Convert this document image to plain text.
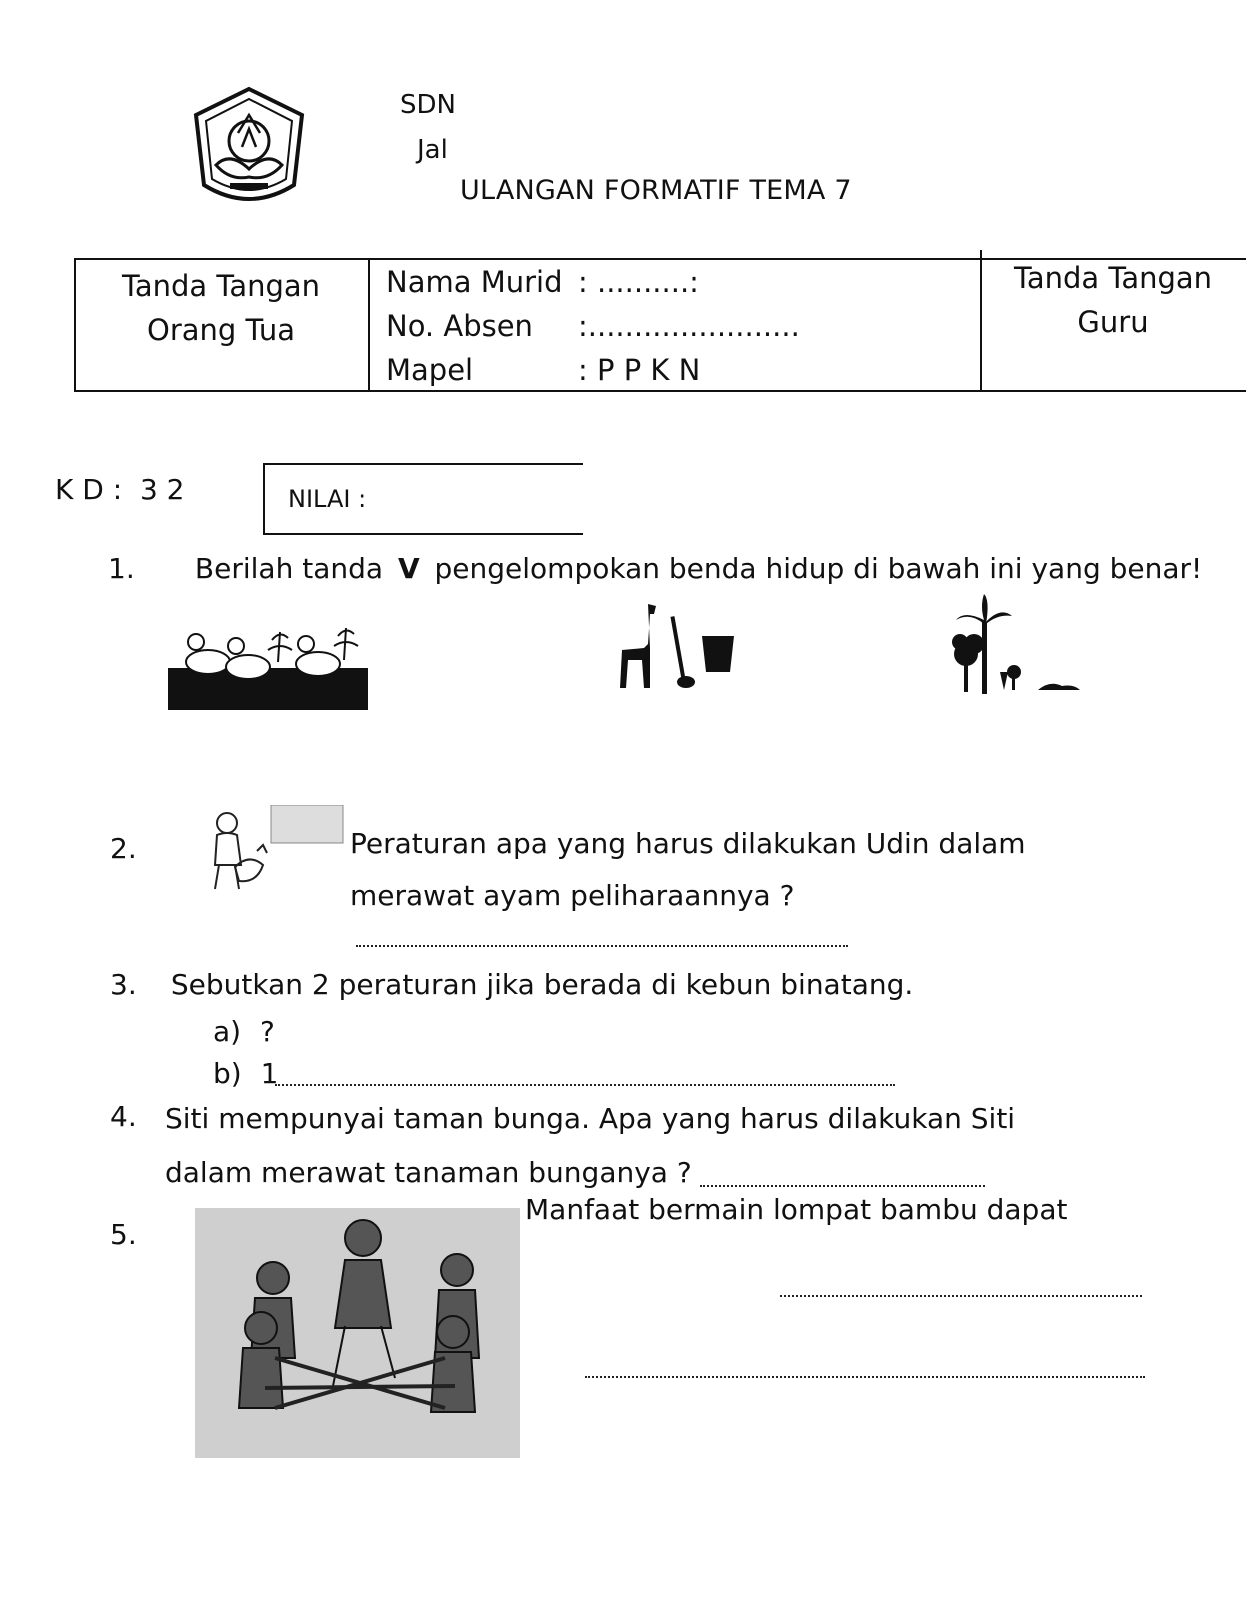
SDN
Jal
ULANGAN FORMATIF TEMA 7
Tanda Tangan
Orang Tua
Nama Murid : ..........:
No. Absen :.......................
Mapel	: P P K N
Tanda Tangan
Guru
K D :  3 2	NILAI :
1. Berilah tanda V pengelompokan benda hidup di bawah ini yang benar!
2.	Peraturan apa yang harus dilakukan Udin dalam
merawat ayam peliharaannya ?
3. Sebutkan 2 peraturan jika berada di kebun binatang.
a) ?
b) 1
4. Siti mempunyai taman bunga. Apa yang harus dilakukan Siti
dalam merawat tanaman bunganya ?
5.
Manfaat bermain lompat bambu dapat
